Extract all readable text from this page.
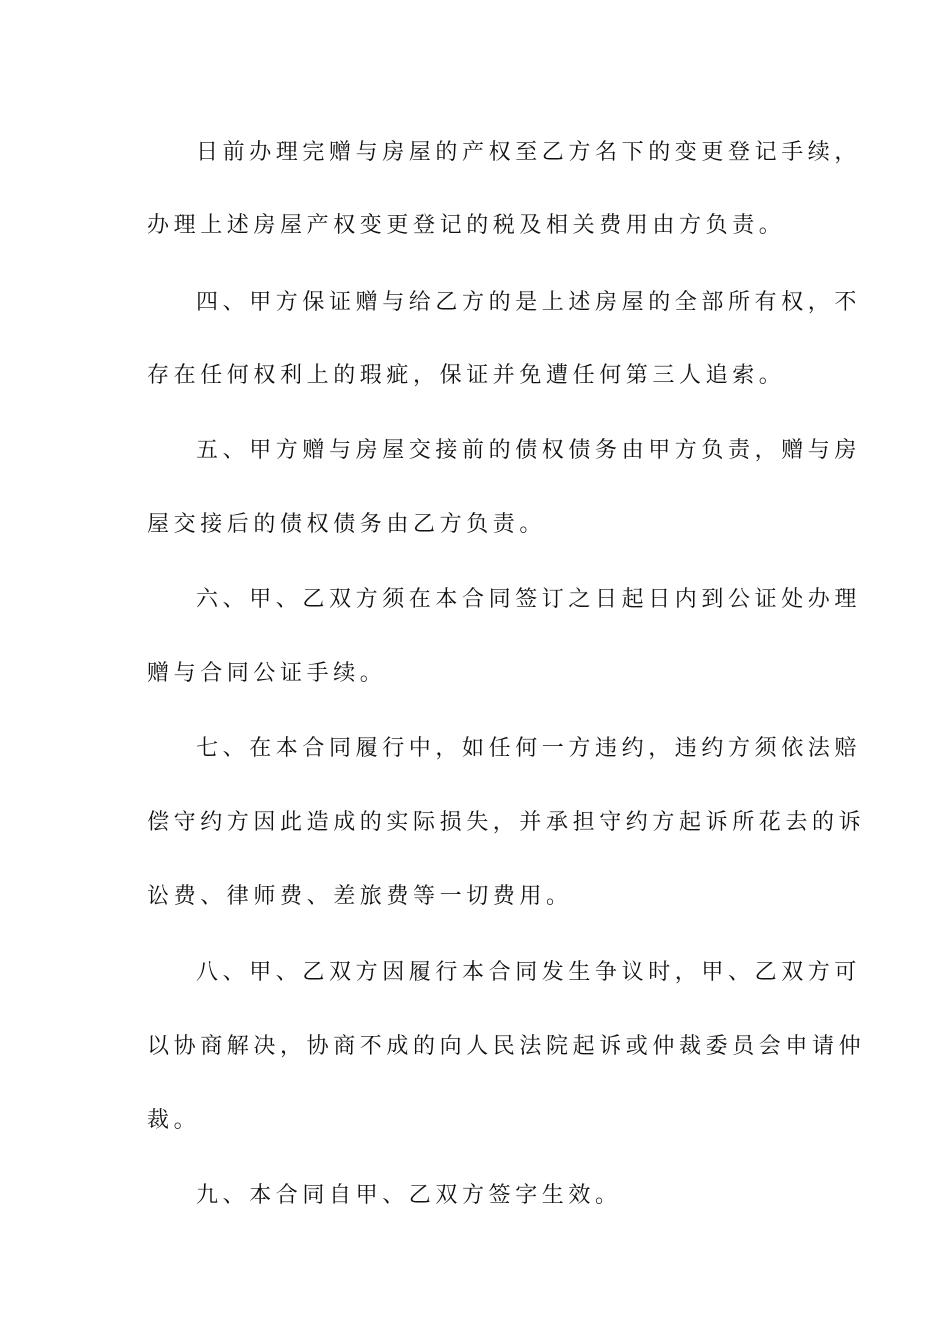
日前办理完赠与房屋的产权至乙方名下的变更登记手续，
办理上述房屋产权变更登记的税及相关费用由方负责。
四、甲方保证赠与给乙方的是上述房屋的全部所有权，不
存在任何权利上的瑕疵，保证并免遭任何第三人追索。
五、甲方赠与房屋交接前的债权债务由甲方负责，赠与房
屋交接后的债权债务由乙方负责。
六、甲、乙双方须在本合同签订之日起日内到公证处办理
赠与合同公证手续。
七、在本合同履行中，如任何一方违约，违约方须依法赔
偿守约方因此造成的实际损失，并承担守约方起诉所花去的诉
讼费、律师费、差旅费等一切费用。
八、甲、乙双方因履行本合同发生争议时，甲、乙双方可
以协商解决，协商不成的向人民法院起诉或仲裁委员会申请仲
裁。
九、本合同自甲、乙双方签字生效。
